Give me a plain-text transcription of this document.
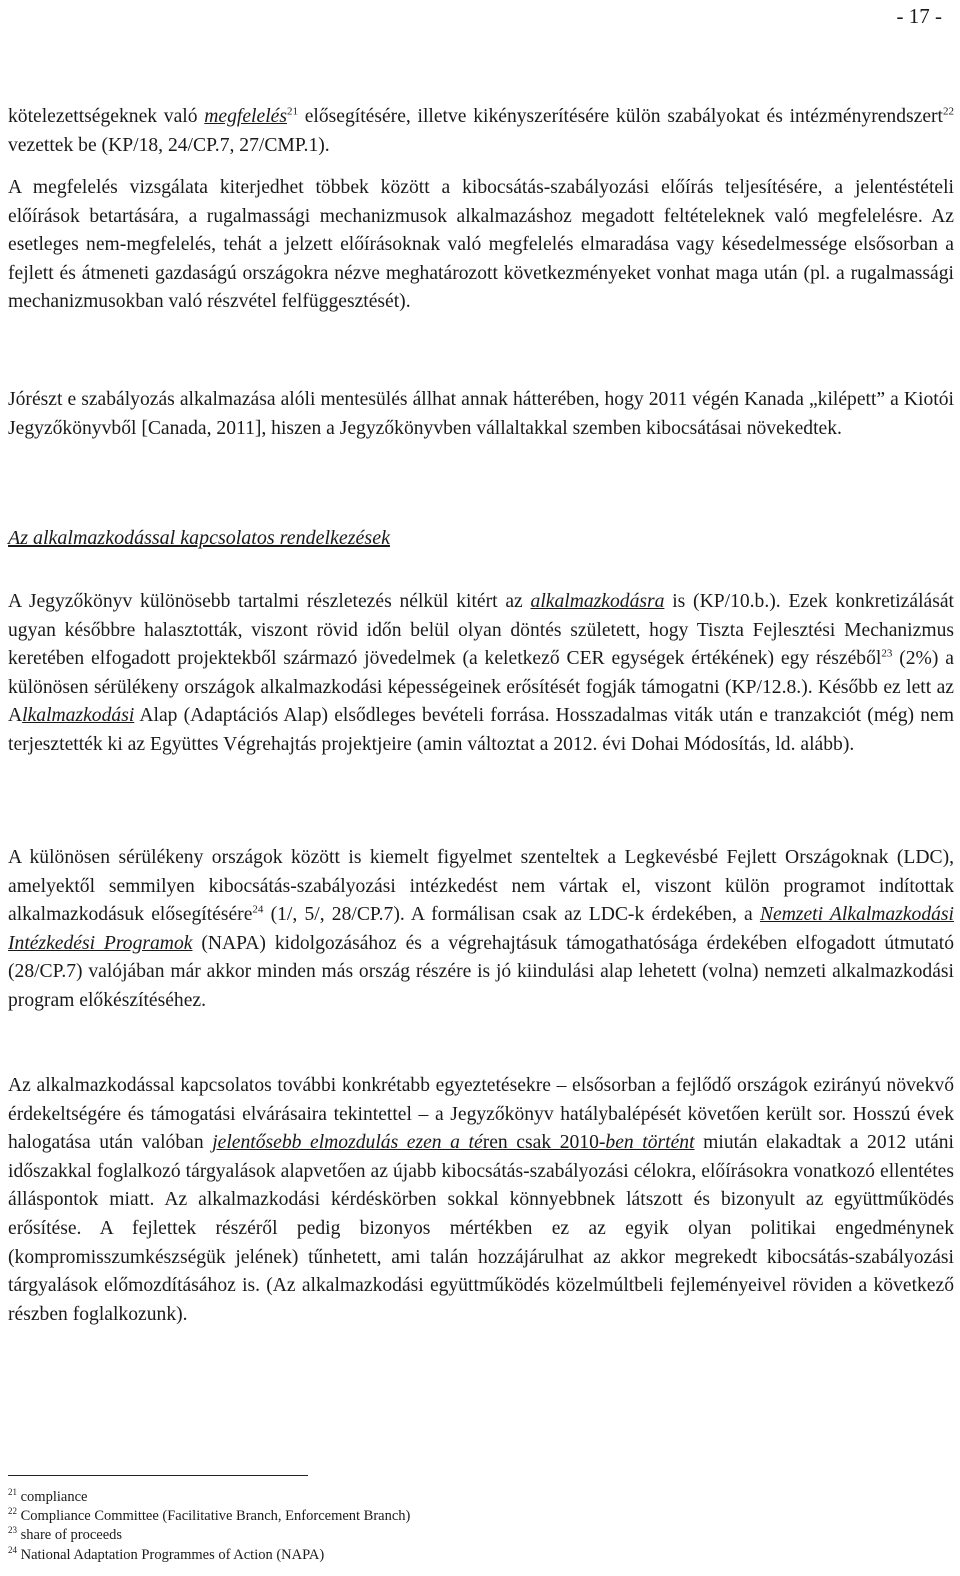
- 17 -

kötelezettségeknek való megfelelés$^{21}$ elősegítésére, illetve kikényszerítésére külön szabályokat és intézményrendszert$^{22}$ vezettek be (KP/18, 24/CP.7, 27/CMP.1).

A megfelelés vizsgálata kiterjedhet többek között a kibocsátás-szabályozási előírás teljesítésére, a jelentéstételi előírások betartására, a rugalmassági mechanizmusok alkalmazáshoz megadott feltételeknek való megfelelésre. Az esetleges nem-megfelelés, tehát a jelzett előírásoknak való megfelelés elmaradása vagy késedelmessége elsősorban a fejlett és átmeneti gazdaságú országokra nézve meghatározott következményeket vonhat maga után (pl. a rugalmassági mechanizmusokban való részvétel felfüggesztését).

Jórészt e szabályozás alkalmazása alóli mentesülés állhat annak hátterében, hogy 2011 végén Kanada „kilépett” a Kiotói Jegyzőkönyvből [Canada, 2011], hiszen a Jegyzőkönyvben vállaltakkal szemben kibocsátásai növekedtek.

Az alkalmazkodással kapcsolatos rendelkezések

A Jegyzőkönyv különösebb tartalmi részletezés nélkül kitért az alkalmazkodásra is (KP/10.b.). Ezek konkretizálását ugyan későbbre halasztották, viszont rövid időn belül olyan döntés született, hogy Tiszta Fejlesztési Mechanizmus keretében elfogadott projektekből származó jövedelmek (a keletkező CER egységek értékének) egy részéből$^{23}$ (2%) a különösen sérülékeny országok alkalmazkodási képességeinek erősítését fogják támogatni (KP/12.8.). Később ez lett az Alkalmazkodási Alap (Adaptációs Alap) elsődleges bevételi forrása. Hosszadalmas viták után e tranzakciót (még) nem terjesztették ki az Együttes Végrehajtás projektjeire (amin változtat a 2012. évi Dohai Módosítás, ld. alább).

A különösen sérülékeny országok között is kiemelt figyelmet szenteltek a Legkevésbé Fejlett Országoknak (LDC), amelyektől semmilyen kibocsátás-szabályozási intézkedést nem vártak el, viszont külön programot indítottak alkalmazkodásuk elősegítésére$^{24}$ (1/, 5/, 28/CP.7). A formálisan csak az LDC-k érdekében, a Nemzeti Alkalmazkodási Intézkedési Programok (NAPA) kidolgozásához és a végrehajtásuk támogathatósága érdekében elfogadott útmutató (28/CP.7) valójában már akkor minden más ország részére is jó kiindulási alap lehetett (volna) nemzeti alkalmazkodási program előkészítéséhez.

Az alkalmazkodással kapcsolatos további konkrétabb egyeztetésekre – elsősorban a fejlődő országok ezirányú növekvő érdekeltségére és támogatási elvárásaira tekintettel – a Jegyzőkönyv hatálybalépését követően került sor. Hosszú évek halogatása után valóban jelentősebb elmozdulás ezen a téren csak 2010-ben történt miután elakadtak a 2012 utáni időszakkal foglalkozó tárgyalások alapvetően az újabb kibocsátás-szabályozási célokra, előírásokra vonatkozó ellentétes álláspontok miatt. Az alkalmazkodási kérdéskörben sokkal könnyebbnek látszott és bizonyult az együttműködés erősítése. A fejlettek részéről pedig bizonyos mértékben ez az egyik olyan politikai engedménynek (kompromisszumkészségük jelének) tűnhetett, ami talán hozzájárulhat az akkor megrekedt kibocsátás-szabályozási tárgyalások előmozdításához is. (Az alkalmazkodási együttműködés közelmúltbeli fejleményeivel röviden a következő részben foglalkozunk).

$^{21}$ compliance
$^{22}$ Compliance Committee (Facilitative Branch, Enforcement Branch)
$^{23}$ share of proceeds
$^{24}$ National Adaptation Programmes of Action (NAPA)
